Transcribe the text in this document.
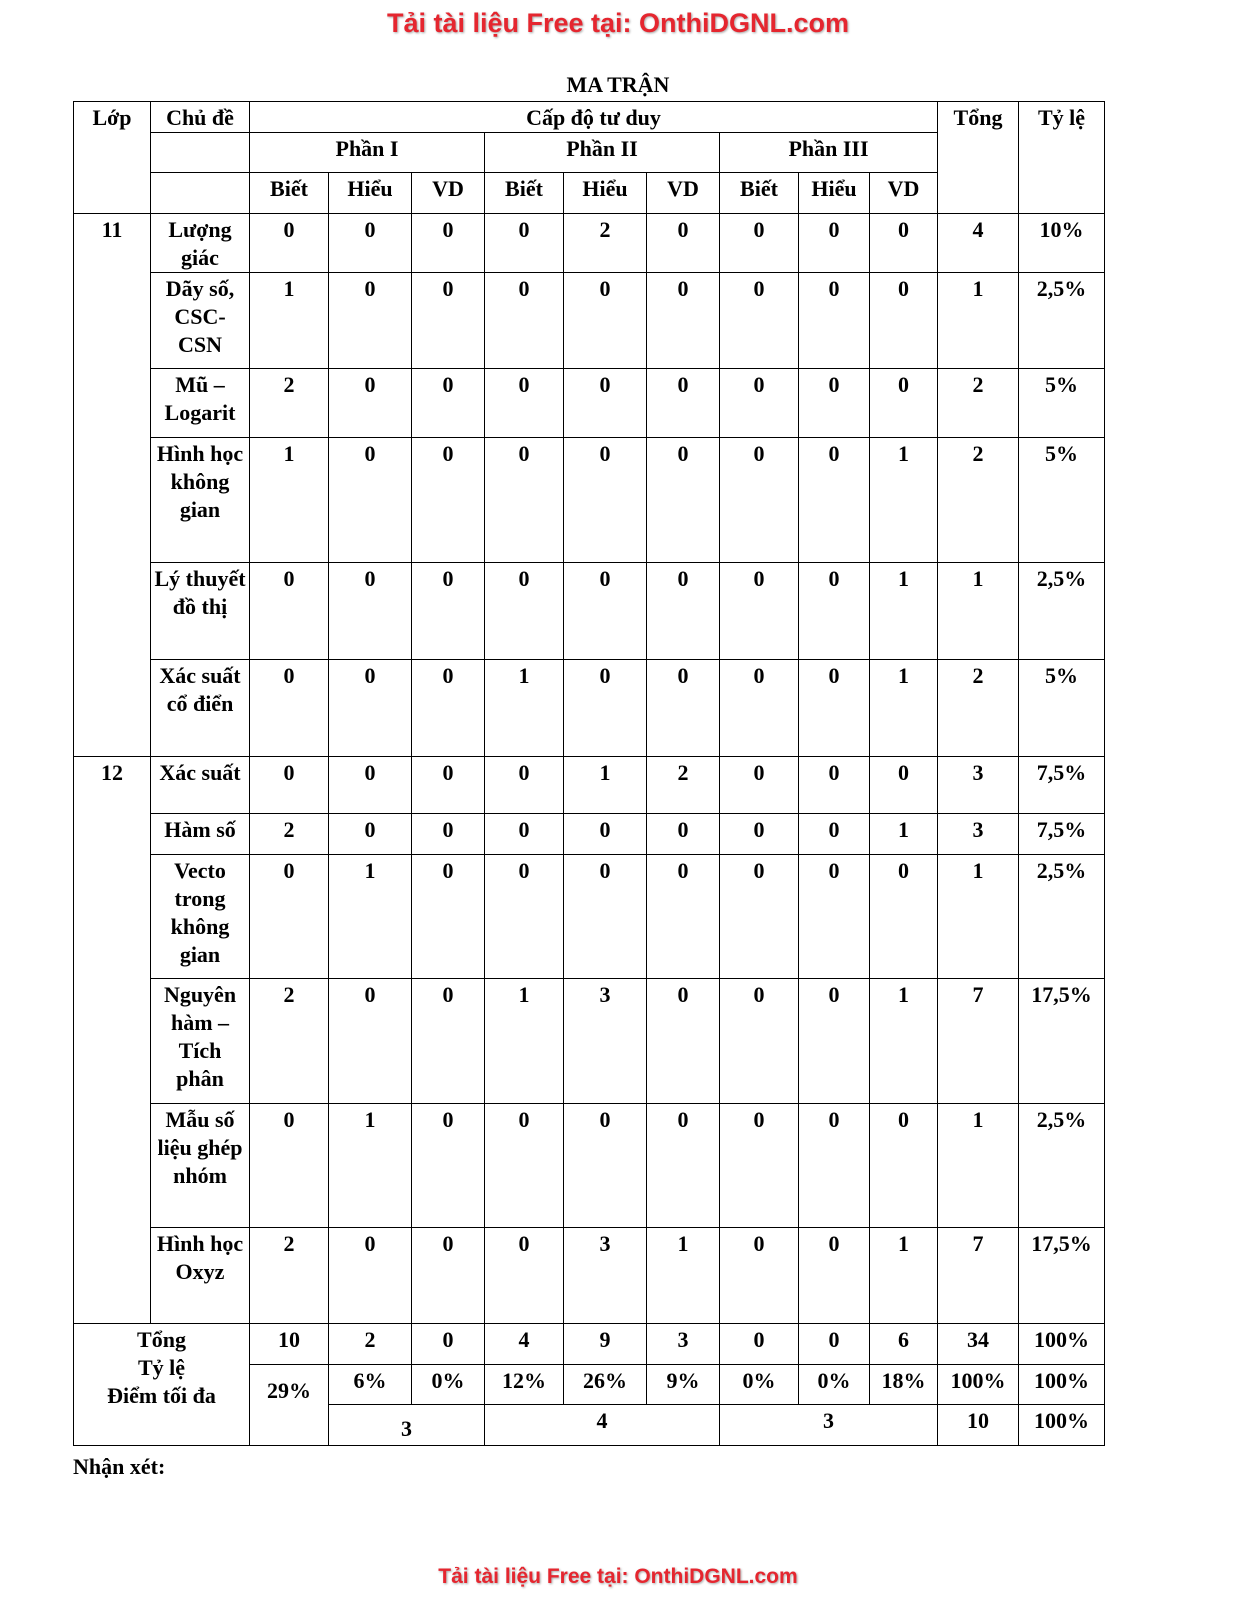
Tải tài liệu Free tại: OnthiDGNL.com
MA TRẬN
Lớp	Chủ đề	Cấp độ tư duy									Tổng	Tỷ lệ
		Phần I			Phần II			Phần III				
		Biết	Hiểu	VD	Biết	Hiểu	VD	Biết	Hiểu	VD		
11	Lượng giác	0	0	0	0	2	0	0	0	0	4	10%
	Dãy số, CSC- CSN	1	0	0	0	0	0	0	0	0	1	2,5%
	Mũ – Logarit	2	0	0	0	0	0	0	0	0	2	5%
	Hình học không gian	1	0	0	0	0	0	0	0	1	2	5%
	Lý thuyết đồ thị	0	0	0	0	0	0	0	0	1	1	2,5%
	Xác suất cổ điển	0	0	0	1	0	0	0	0	1	2	5%
12	Xác suất	0	0	0	0	1	2	0	0	0	3	7,5%
	Hàm số	2	0	0	0	0	0	0	0	1	3	7,5%
	Vecto trong không gian	0	1	0	0	0	0	0	0	0	1	2,5%
	Nguyên hàm – Tích phân	2	0	0	1	3	0	0	0	1	7	17,5%
	Mẫu số liệu ghép nhóm	0	1	0	0	0	0	0	0	0	1	2,5%
	Hình học Oxyz	2	0	0	0	3	1	0	0	1	7	17,5%

Tổng
Tỷ lệ
Điểm tối đa		10	2	0	4	9	3	0	0	6	34	100%
		29%	6%	0%	12%	26%	9%	0%	0%	18%	100%	100%
			3		4			3			10	100%
Nhận xét:
Tải tài liệu Free tại: OnthiDGNL.com
